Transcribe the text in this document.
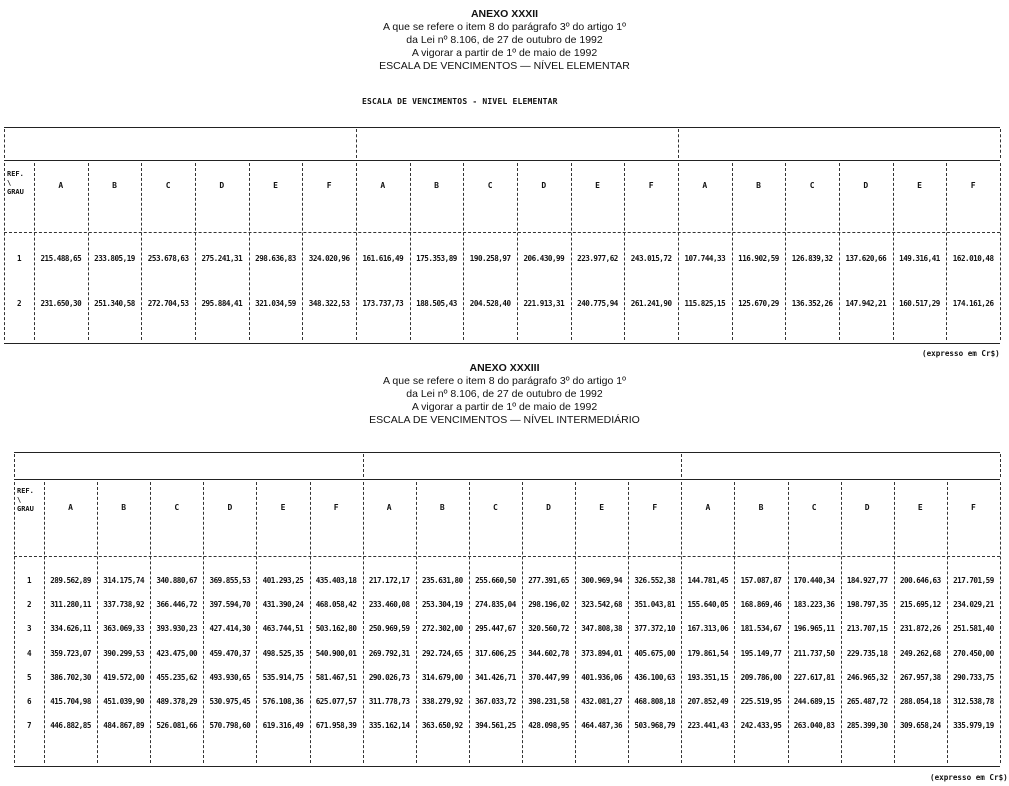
ANEXO XXXII
A que se refere o item 8 do parágrafo 3º do artigo 1º
da Lei nº 8.106, de 27 de outubro de 1992
A vigorar a partir de 1º de maio de 1992
ESCALA DE VENCIMENTOS — NÍVEL ELEMENTAR
ESCALA DE VENCIMENTOS - NIVEL ELEMENTAR
REF.
\
GRAU
A	B	C	D	E	F	A	B	C	D	E	F	A	B	C	D	E	F
1	215.488,65	233.805,19	253.678,63	275.241,31	298.636,83	324.020,96	161.616,49	175.353,89	190.258,97	206.430,99	223.977,62	243.015,72	107.744,33	116.902,59	126.839,32	137.620,66	149.316,41	162.010,48
2	231.650,30	251.340,58	272.704,53	295.884,41	321.034,59	348.322,53	173.737,73	188.505,43	204.528,40	221.913,31	240.775,94	261.241,90	115.825,15	125.670,29	136.352,26	147.942,21	160.517,29	174.161,26
(expresso em Cr$)
ANEXO XXXIII
A que se refere o item 8 do parágrafo 3º do artigo 1º
da Lei nº 8.106, de 27 de outubro de 1992
A vigorar a partir de 1º de maio de 1992
ESCALA DE VENCIMENTOS — NÍVEL INTERMEDIÁRIO
REF.
\
GRAU	A	B	C	D	E	F	A	B	C	D	E	F	A	B	C	D	E	F
1	289.562,89	314.175,74	340.880,67	369.855,53	401.293,25	435.403,18	217.172,17	235.631,80	255.660,50	277.391,65	300.969,94	326.552,38	144.781,45	157.087,87	170.440,34	184.927,77	200.646,63	217.701,59
2	311.280,11	337.738,92	366.446,72	397.594,70	431.390,24	468.058,42	233.460,08	253.304,19	274.835,04	298.196,02	323.542,68	351.043,81	155.640,05	168.869,46	183.223,36	198.797,35	215.695,12	234.029,21
3	334.626,11	363.069,33	393.930,23	427.414,30	463.744,51	503.162,80	250.969,59	272.302,00	295.447,67	320.560,72	347.808,38	377.372,10	167.313,06	181.534,67	196.965,11	213.707,15	231.872,26	251.581,40
4	359.723,07	390.299,53	423.475,00	459.470,37	498.525,35	540.900,01	269.792,31	292.724,65	317.606,25	344.602,78	373.894,01	405.675,00	179.861,54	195.149,77	211.737,50	229.735,18	249.262,68	270.450,00
5	386.702,30	419.572,00	455.235,62	493.930,65	535.914,75	581.467,51	290.026,73	314.679,00	341.426,71	370.447,99	401.936,06	436.100,63	193.351,15	209.786,00	227.617,81	246.965,32	267.957,38	290.733,75
6	415.704,98	451.039,90	489.378,29	530.975,45	576.108,36	625.077,57	311.778,73	338.279,92	367.033,72	398.231,58	432.081,27	468.808,18	207.852,49	225.519,95	244.689,15	265.487,72	288.054,18	312.538,78
7	446.882,85	484.867,89	526.081,66	570.798,60	619.316,49	671.958,39	335.162,14	363.650,92	394.561,25	428.098,95	464.487,36	503.968,79	223.441,43	242.433,95	263.040,83	285.399,30	309.658,24	335.979,19
(expresso em Cr$)
